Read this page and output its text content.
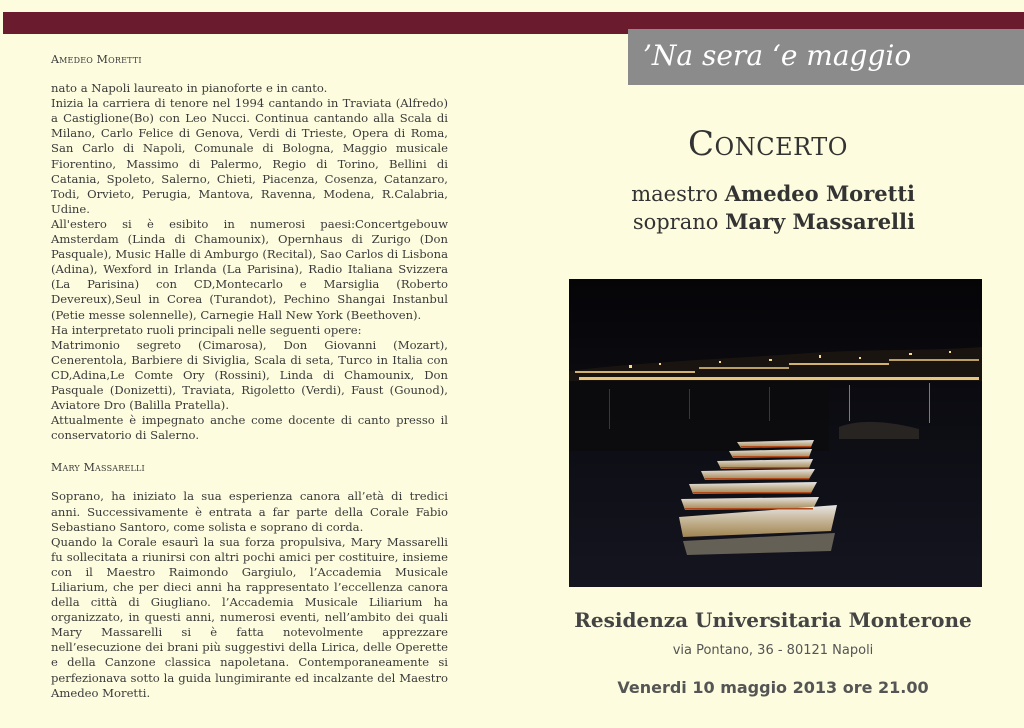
Amedeo Moretti

nato a Napoli laureato in pianoforte e in canto.

Inizia la carriera di tenore nel 1994 cantando in Traviata (Alfredo) a Castiglione(Bo) con Leo Nucci. Continua cantando alla Scala di Milano, Carlo Felice di Genova, Verdi di Trieste, Opera di Roma, San Carlo di Napoli, Comunale di Bologna, Maggio musicale Fiorentino, Massimo di Palermo, Regio di Torino, Bellini di Catania, Spoleto, Salerno, Chieti, Piacenza, Cosenza, Catanzaro, Todi, Orvieto, Perugia, Mantova, Ravenna, Modena, R.Calabria, Udine.

All'estero si è esibito in numerosi paesi:Concertgebouw Amsterdam (Linda di Chamounix), Opernhaus di Zurigo (Don Pasquale), Music Halle di Amburgo (Recital), Sao Carlos di Lisbona (Adina), Wexford in Irlanda (La Parisina), Radio Italiana Svizzera (La Parisina) con CD,Montecarlo e Marsiglia (Roberto Devereux),Seul in Corea (Turandot), Pechino Shangai Instanbul (Petie messe solennelle), Carnegie Hall New York (Beethoven).

Ha interpretato ruoli principali nelle seguenti opere:

Matrimonio segreto (Cimarosa), Don Giovanni (Mozart), Cenerentola, Barbiere di Siviglia, Scala di seta, Turco in Italia con CD,Adina,Le Comte Ory (Rossini), Linda di Chamounix, Don Pasquale (Donizetti), Traviata, Rigoletto (Verdi), Faust (Gounod), Aviatore Dro (Balilla Pratella).

Attualmente è impegnato anche come docente di canto presso il conservatorio di Salerno.

Mary Massarelli

Soprano, ha iniziato la sua esperienza canora all’età di tredici anni. Successivamente è entrata a far parte della Corale Fabio Sebastiano Santoro, come solista e soprano di corda.

Quando la Corale esaurì la sua forza propulsiva, Mary Massarelli fu sollecitata a riunirsi con altri pochi amici per costituire, insieme con il Maestro Raimondo Gargiulo, l’Accademia Musicale Liliarium, che per dieci anni ha rappresentato l’eccellenza canora della città di Giugliano. l’Accademia Musicale Liliarium ha organizzato, in questi anni, numerosi eventi, nell’ambito dei quali Mary Massarelli si è fatta notevolmente apprezzare nell’esecuzione dei brani più suggestivi della Lirica, delle Operette e della Canzone classica napoletana. Contemporaneamente si perfezionava sotto la guida lungimirante ed incalzante del Maestro Amedeo Moretti.

’Na sera ‘e maggio
Concerto
maestro Amedeo Moretti
soprano Mary Massarelli
Residenza Universitaria Monterone
via Pontano, 36 - 80121 Napoli
Venerdi 10 maggio 2013 ore 21.00
